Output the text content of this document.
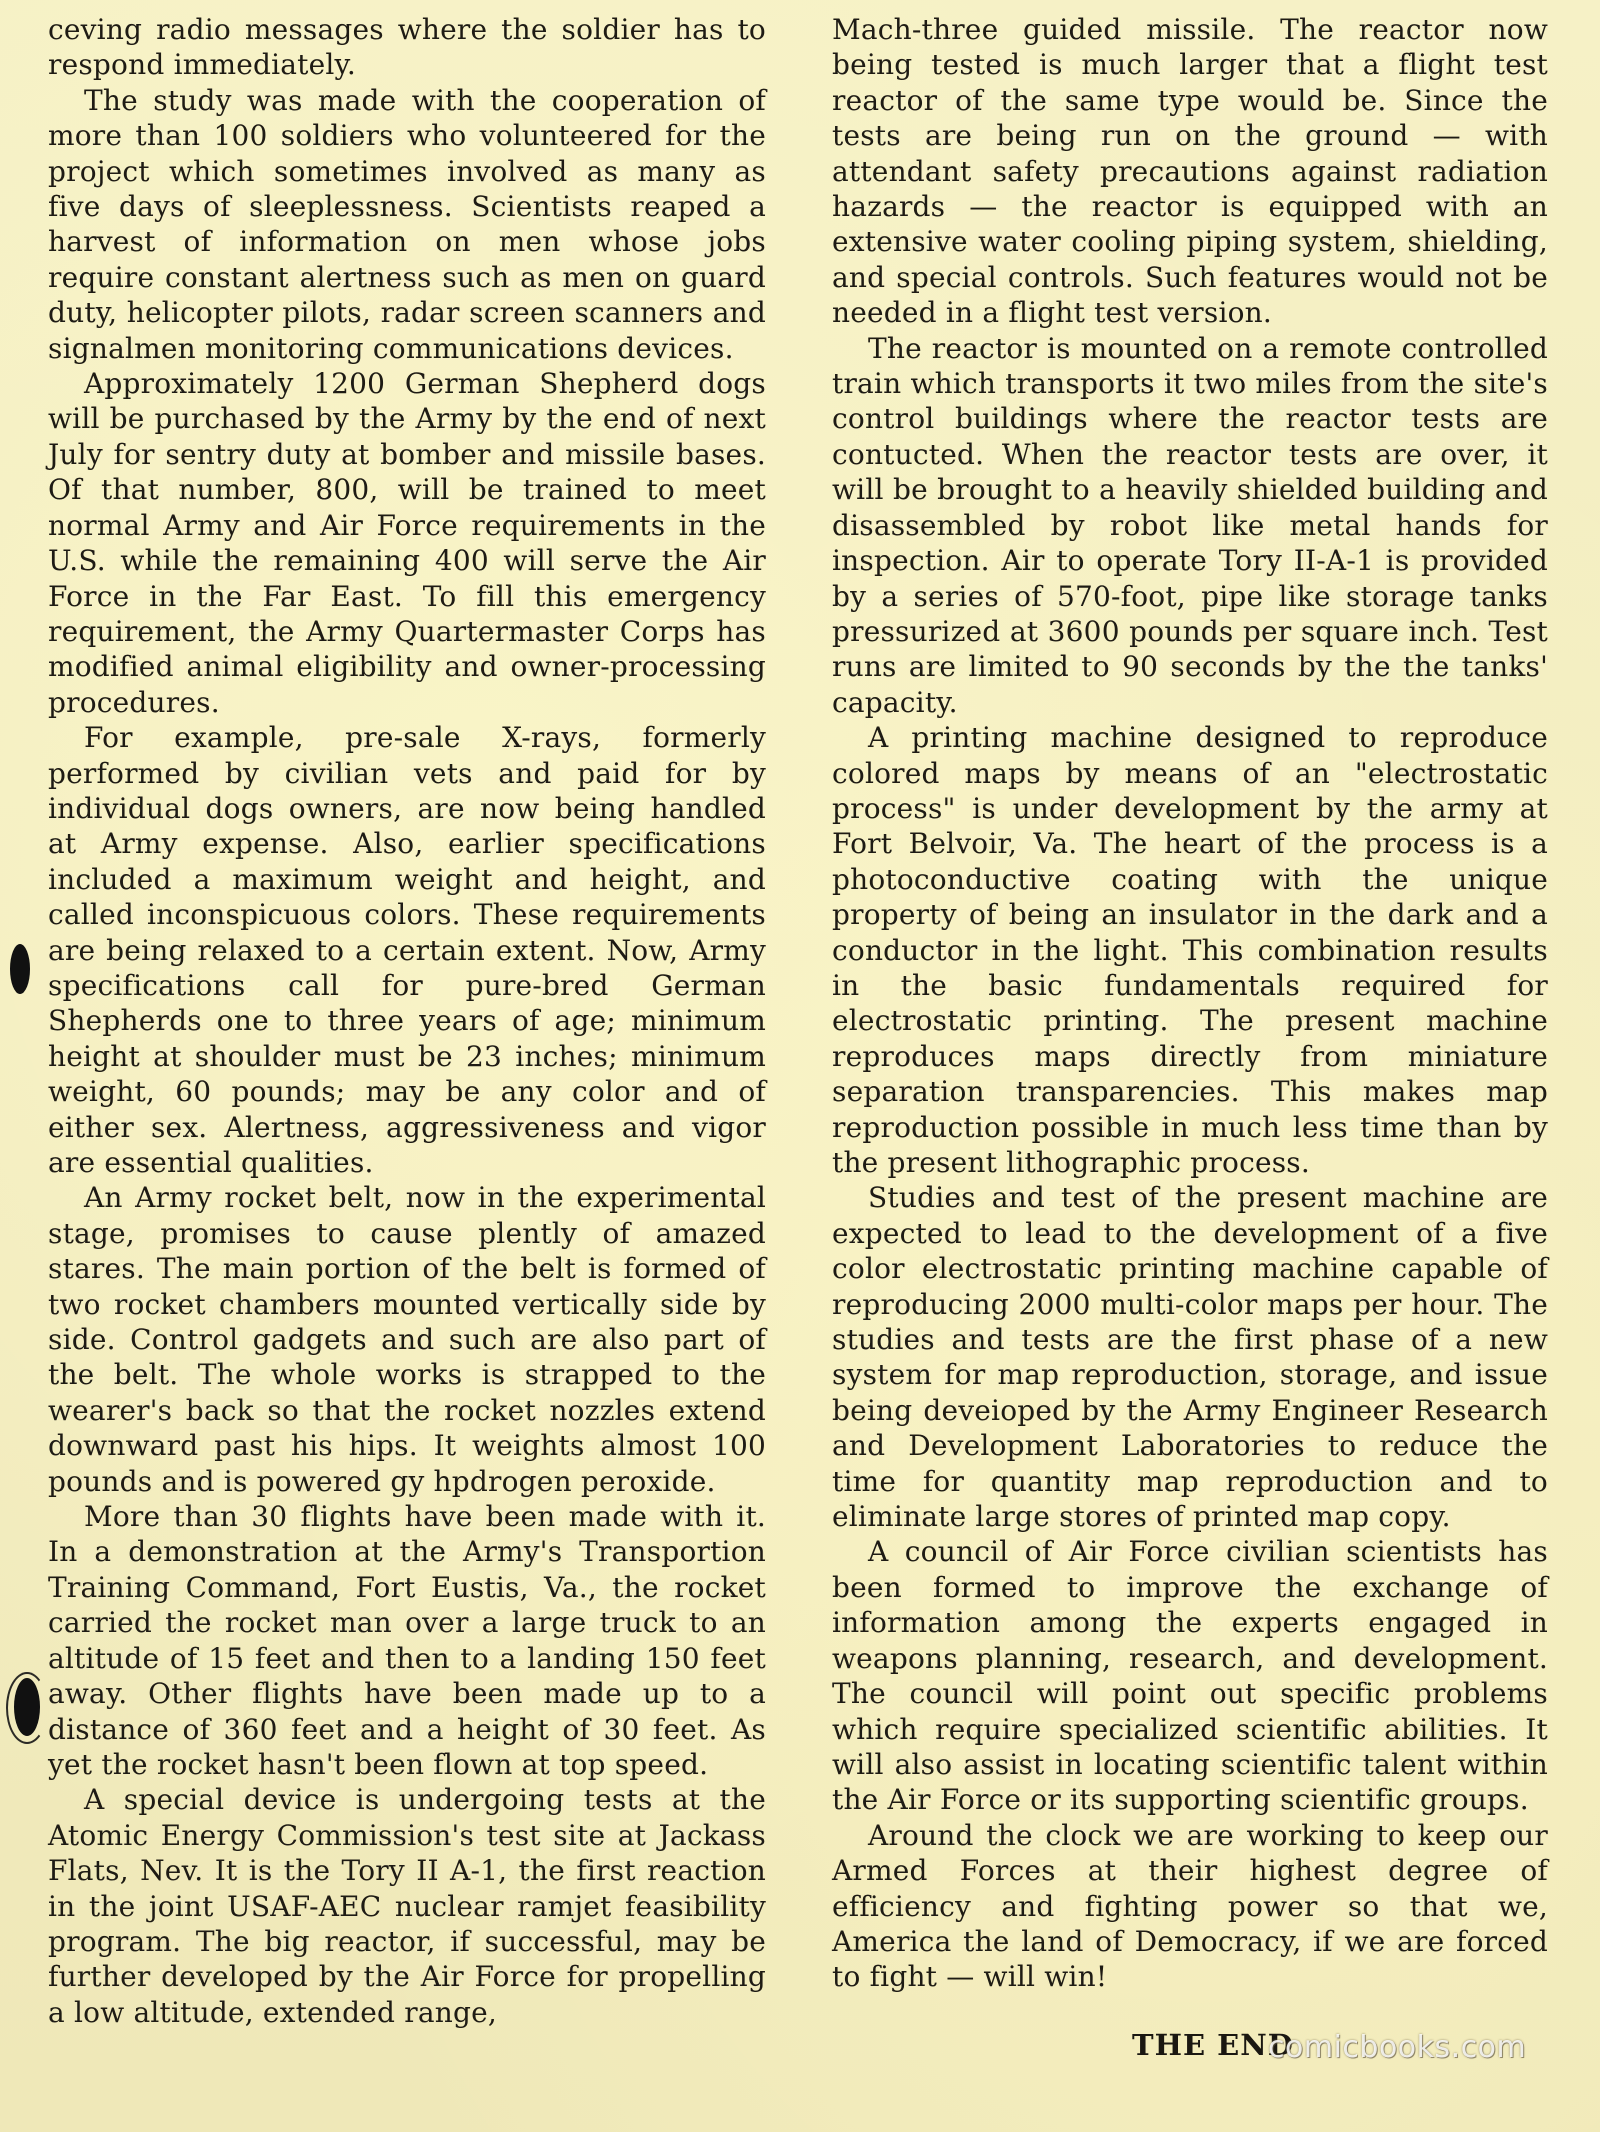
ceving radio messages where the soldier has to respond immediately.

The study was made with the cooperation of more than 100 soldiers who volunteered for the project which sometimes involved as many as five days of sleeplessness. Scientists reaped a harvest of information on men whose jobs require constant alertness such as men on guard duty, helicopter pilots, radar screen scanners and signalmen monitoring communications devices.

Approximately 1200 German Shepherd dogs will be purchased by the Army by the end of next July for sentry duty at bomber and missile bases. Of that number, 800, will be trained to meet normal Army and Air Force requirements in the U.S. while the remaining 400 will serve the Air Force in the Far East. To fill this emergency requirement, the Army Quartermaster Corps has modified animal eligibility and owner-processing procedures.

For example, pre-sale X-rays, formerly performed by civilian vets and paid for by individual dogs owners, are now being handled at Army expense. Also, earlier specifications included a maximum weight and height, and called inconspicuous colors. These requirements are being relaxed to a certain extent. Now, Army specifications call for pure-bred German Shepherds one to three years of age; minimum height at shoulder must be 23 inches; minimum weight, 60 pounds; may be any color and of either sex. Alertness, aggressiveness and vigor are essential qualities.

An Army rocket belt, now in the experimental stage, promises to cause plently of amazed stares. The main portion of the belt is formed of two rocket chambers mounted vertically side by side. Control gadgets and such are also part of the belt. The whole works is strapped to the wearer's back so that the rocket nozzles extend downward past his hips. It weights almost 100 pounds and is powered gy hpdrogen peroxide.

More than 30 flights have been made with it. In a demonstration at the Army's Transportion Training Command, Fort Eustis, Va., the rocket carried the rocket man over a large truck to an altitude of 15 feet and then to a landing 150 feet away. Other flights have been made up to a distance of 360 feet and a height of 30 feet. As yet the rocket hasn't been flown at top speed.

A special device is undergoing tests at the Atomic Energy Commission's test site at Jackass Flats, Nev. It is the Tory II A-1, the first reaction in the joint USAF-AEC nuclear ramjet feasibility program. The big reactor, if successful, may be further developed by the Air Force for propelling a low altitude, extended range,

Mach-three guided missile. The reactor now being tested is much larger that a flight test reactor of the same type would be. Since the tests are being run on the ground — with attendant safety precautions against radiation hazards — the reactor is equipped with an extensive water cooling piping system, shielding, and special controls. Such features would not be needed in a flight test version.

The reactor is mounted on a remote controlled train which transports it two miles from the site's control buildings where the reactor tests are contucted. When the reactor tests are over, it will be brought to a heavily shielded building and disassembled by robot like metal hands for inspection. Air to operate Tory II-A-1 is provided by a series of 570-foot, pipe like storage tanks pressurized at 3600 pounds per square inch. Test runs are limited to 90 seconds by the the tanks' capacity.

A printing machine designed to reproduce colored maps by means of an "electrostatic process" is under development by the army at Fort Belvoir, Va. The heart of the process is a photoconductive coating with the unique property of being an insulator in the dark and a conductor in the light. This combination results in the basic fundamentals required for electrostatic printing. The present machine reproduces maps directly from miniature separation transparencies. This makes map reproduction possible in much less time than by the present lithographic process.

Studies and test of the present machine are expected to lead to the development of a five color electrostatic printing machine capable of reproducing 2000 multi-color maps per hour. The studies and tests are the first phase of a new system for map reproduction, storage, and issue being deveioped by the Army Engineer Research and Development Laboratories to reduce the time for quantity map reproduction and to eliminate large stores of printed map copy.

A council of Air Force civilian scientists has been formed to improve the exchange of information among the experts engaged in weapons planning, research, and development. The council will point out specific problems which require specialized scientific abilities. It will also assist in locating scientific talent within the Air Force or its supporting scientific groups.

Around the clock we are working to keep our Armed Forces at their highest degree of efficiency and fighting power so that we, America the land of Democracy, if we are forced to fight — will win!

THE END
comicbooks.com
